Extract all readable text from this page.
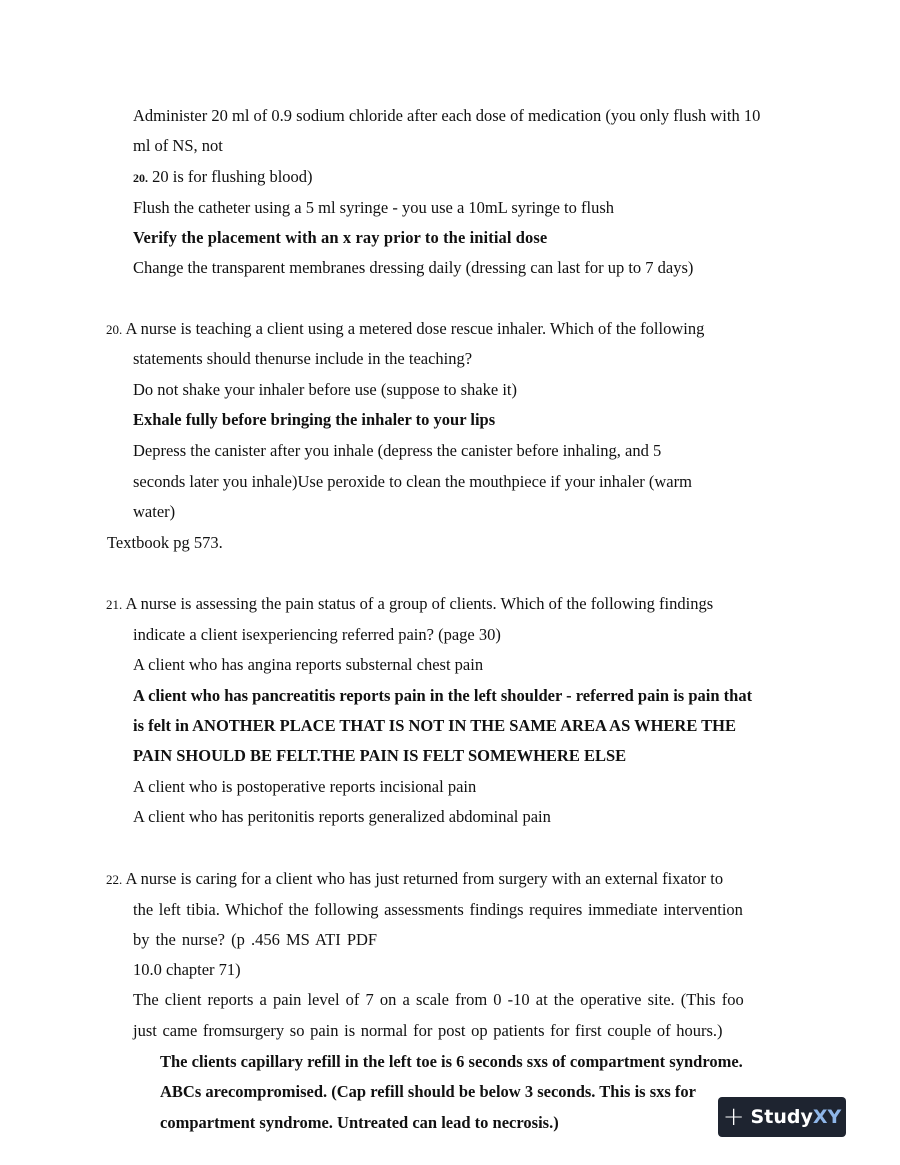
Administer 20 ml of 0.9 sodium chloride after each dose of medication (you only flush with 10
ml of NS, not
20. 20 is for flushing blood)
Flush the catheter using a 5 ml syringe - you use a 10mL syringe to flush
Verify the placement with an x ray prior to the initial dose
Change the transparent membranes dressing daily (dressing can last for up to 7 days)
20. A nurse is teaching a client using a metered dose rescue inhaler. Which of the following
statements should thenurse include in the teaching?
Do not shake your inhaler before use (suppose to shake it)
Exhale fully before bringing the inhaler to your lips
Depress the canister after you inhale (depress the canister before inhaling, and 5
seconds later you inhale)Use peroxide to clean the mouthpiece if your inhaler (warm
water)
Textbook pg 573.
21. A nurse is assessing the pain status of a group of clients. Which of the following findings
indicate a client isexperiencing referred pain? (page 30)
A client who has angina reports substernal chest pain
A client who has pancreatitis reports pain in the left shoulder - referred pain is pain that
is felt in ANOTHER PLACE THAT IS NOT IN THE SAME AREA AS WHERE THE
PAIN SHOULD BE FELT.THE PAIN IS FELT SOMEWHERE ELSE
A client who is postoperative reports incisional pain
A client who has peritonitis reports generalized abdominal pain
22. A nurse is caring for a client who has just returned from surgery with an external fixator to
the left tibia. Whichof the following assessments findings requires immediate intervention
by the nurse? (p .456 MS ATI PDF
10.0 chapter 71)
The client reports a pain level of 7 on a scale from 0 -10 at the operative site. (This foo
just came fromsurgery so pain is normal for post op patients for first couple of hours.)
The clients capillary refill in the left toe is 6 seconds sxs of compartment syndrome.
ABCs arecompromised. (Cap refill should be below 3 seconds. This is sxs for
compartment syndrome. Untreated can lead to necrosis.)	+ StudyXY
